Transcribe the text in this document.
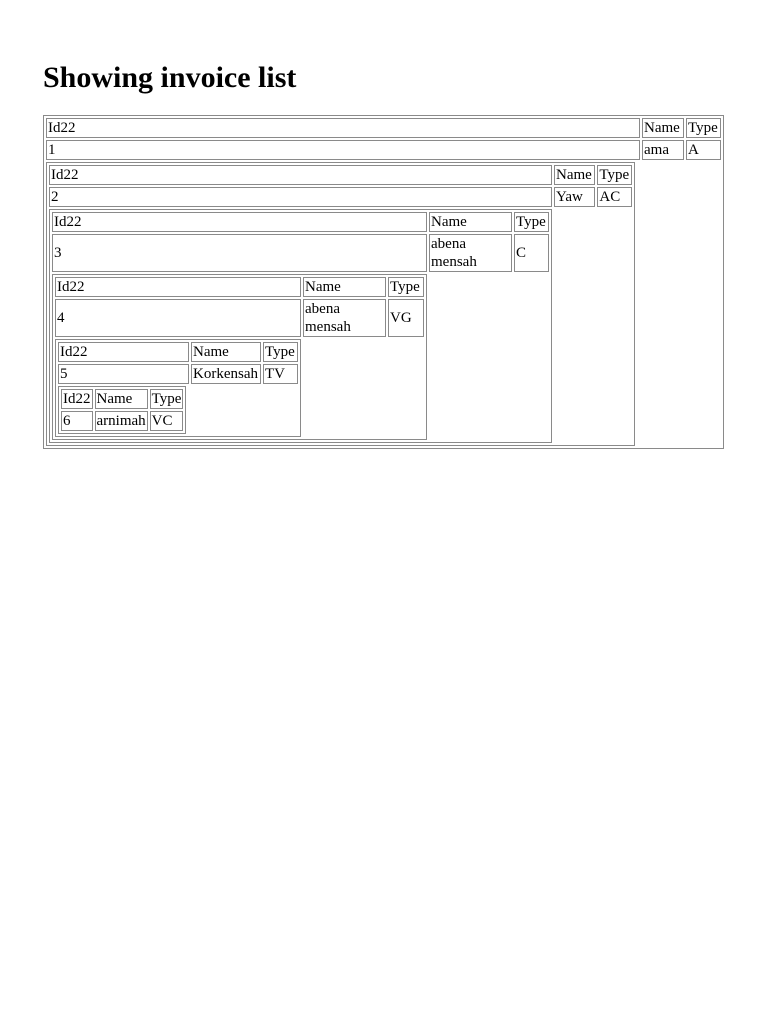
Showing invoice list
Id22	Name	Type
1	ama	A

Id22	Name	Type
2	Yaw	AC

Id22	Name	Type
3	abena mensah	C

Id22	Name	Type
4	abena mensah	VG

Id22	Name	Type
5	Korkensah	TV

Id22	Name	Type
6	arnimah	VC
